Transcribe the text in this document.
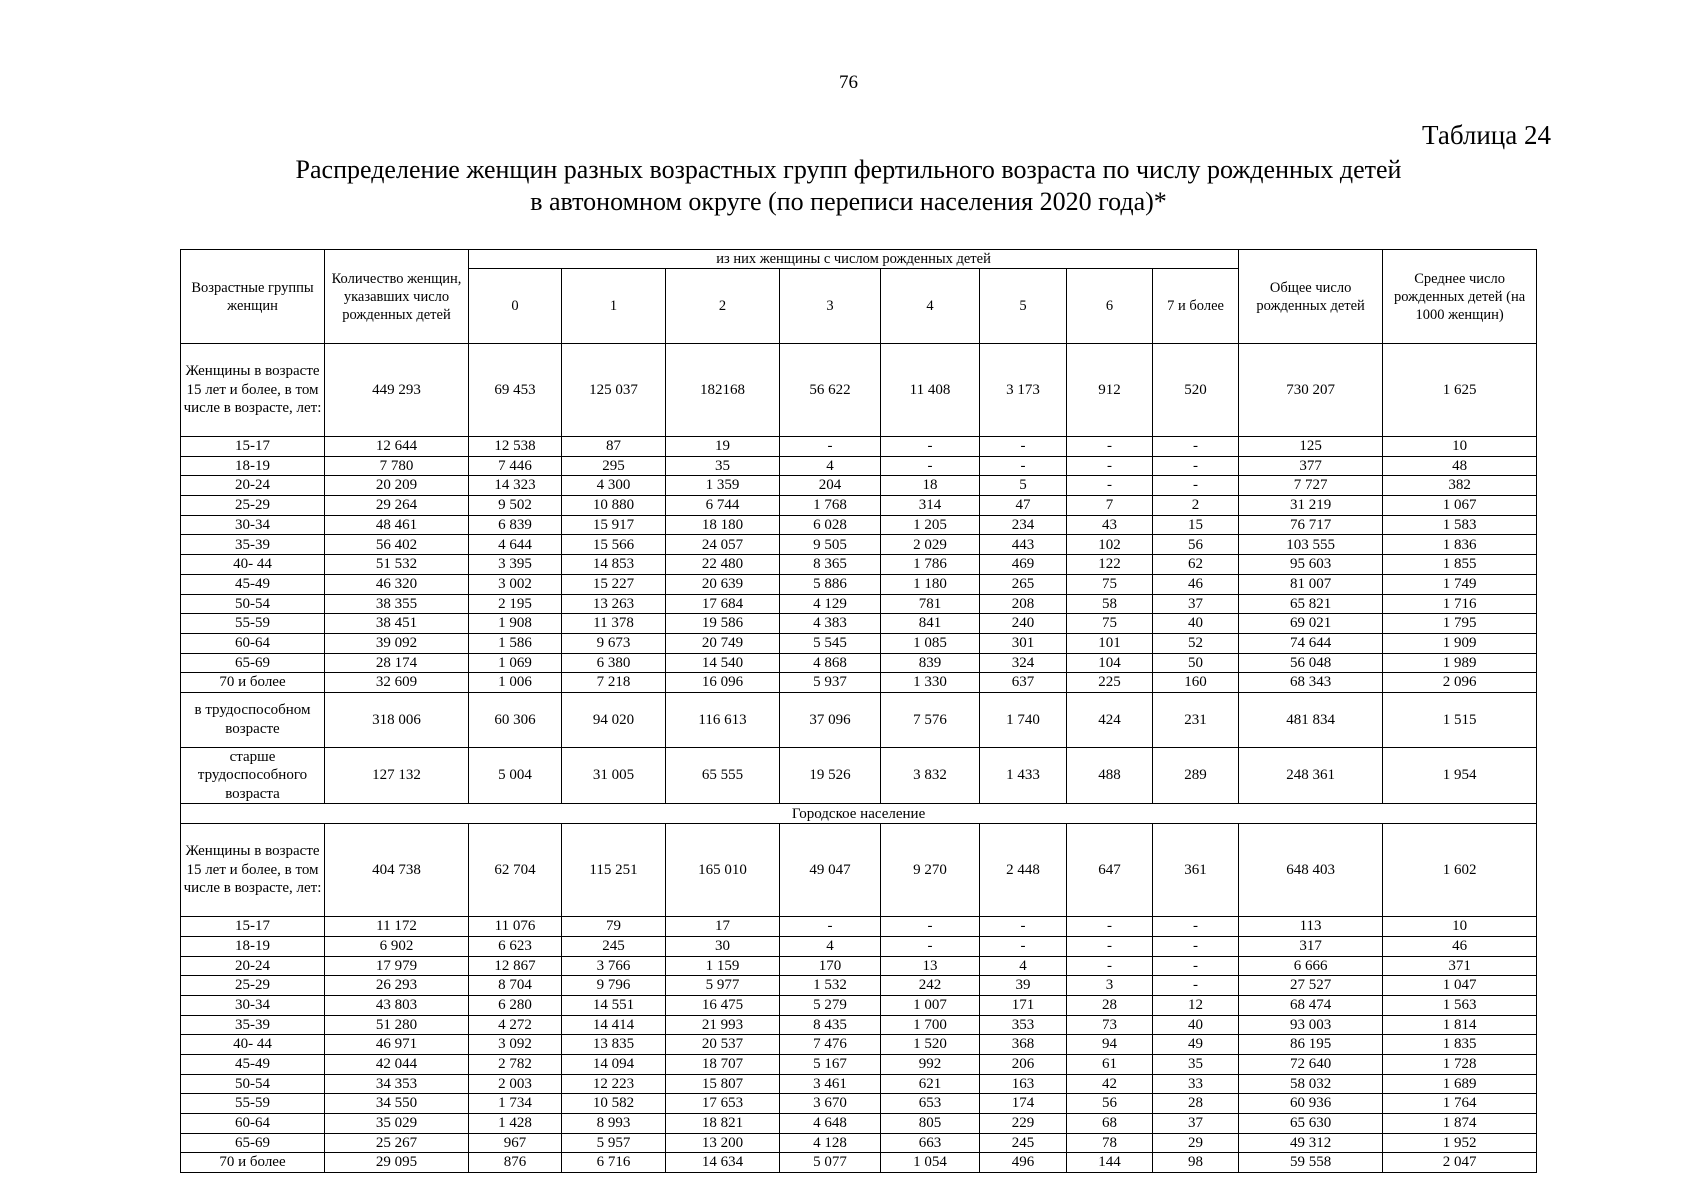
76
Таблица 24
Распределение женщин разных возрастных групп фертильного возраста по числу рожденных детей
в автономном округе (по переписи населения 2020 года)*
Возрастные группы женщин	Количество женщин, указавших число рожденных детей	из них женщины с числом рожденных детей								Общее число рожденных детей	Среднее число рожденных детей (на 1000 женщин)
		0	1	2	3	4	5	6	7 и более		
Женщины в возрасте 15 лет и более, в том числе в возрасте, лет:	449 293	69 453	125 037	182168	56 622	11 408	3 173	912	520	730 207	1 625
15-17	12 644	12 538	87	19	-	-	-	-	-	125	10
18-19	7 780	7 446	295	35	4	-	-	-	-	377	48
20-24	20 209	14 323	4 300	1 359	204	18	5	-	-	7 727	382
25-29	29 264	9 502	10 880	6 744	1 768	314	47	7	2	31 219	1 067
30-34	48 461	6 839	15 917	18 180	6 028	1 205	234	43	15	76 717	1 583
35-39	56 402	4 644	15 566	24 057	9 505	2 029	443	102	56	103 555	1 836
40- 44	51 532	3 395	14 853	22 480	8 365	1 786	469	122	62	95 603	1 855
45-49	46 320	3 002	15 227	20 639	5 886	1 180	265	75	46	81 007	1 749
50-54	38 355	2 195	13 263	17 684	4 129	781	208	58	37	65 821	1 716
55-59	38 451	1 908	11 378	19 586	4 383	841	240	75	40	69 021	1 795
60-64	39 092	1 586	9 673	20 749	5 545	1 085	301	101	52	74 644	1 909
65-69	28 174	1 069	6 380	14 540	4 868	839	324	104	50	56 048	1 989
70 и более	32 609	1 006	7 218	16 096	5 937	1 330	637	225	160	68 343	2 096
в трудоспособном возрасте	318 006	60 306	94 020	116 613	37 096	7 576	1 740	424	231	481 834	1 515
старше трудоспособного возраста	127 132	5 004	31 005	65 555	19 526	3 832	1 433	488	289	248 361	1 954
Городское население											
Женщины в возрасте 15 лет и более, в том числе в возрасте, лет:	404 738	62 704	115 251	165 010	49 047	9 270	2 448	647	361	648 403	1 602
15-17	11 172	11 076	79	17	-	-	-	-	-	113	10
18-19	6 902	6 623	245	30	4	-	-	-	-	317	46
20-24	17 979	12 867	3 766	1 159	170	13	4	-	-	6 666	371
25-29	26 293	8 704	9 796	5 977	1 532	242	39	3	-	27 527	1 047
30-34	43 803	6 280	14 551	16 475	5 279	1 007	171	28	12	68 474	1 563
35-39	51 280	4 272	14 414	21 993	8 435	1 700	353	73	40	93 003	1 814
40- 44	46 971	3 092	13 835	20 537	7 476	1 520	368	94	49	86 195	1 835
45-49	42 044	2 782	14 094	18 707	5 167	992	206	61	35	72 640	1 728
50-54	34 353	2 003	12 223	15 807	3 461	621	163	42	33	58 032	1 689
55-59	34 550	1 734	10 582	17 653	3 670	653	174	56	28	60 936	1 764
60-64	35 029	1 428	8 993	18 821	4 648	805	229	68	37	65 630	1 874
65-69	25 267	967	5 957	13 200	4 128	663	245	78	29	49 312	1 952
70 и более	29 095	876	6 716	14 634	5 077	1 054	496	144	98	59 558	2 047
